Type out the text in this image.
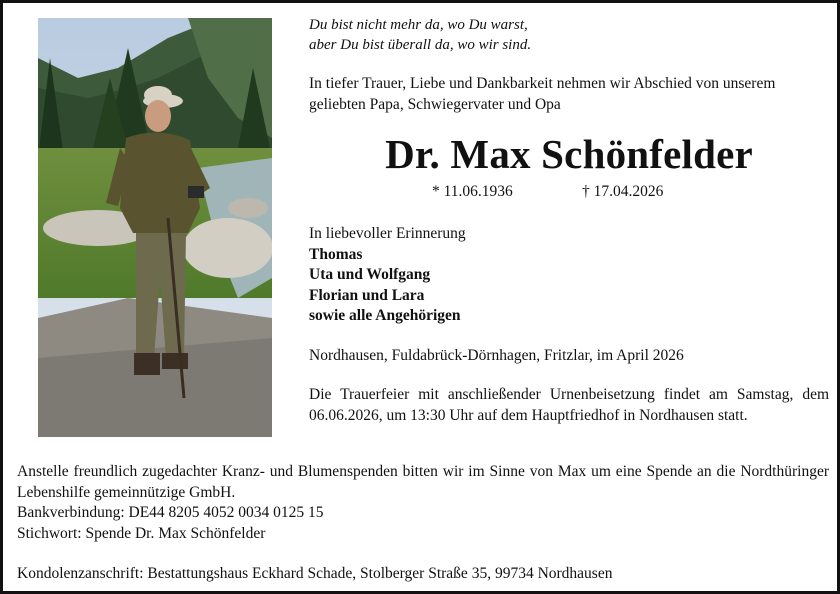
Du bist nicht mehr da, wo Du warst,
aber Du bist überall da, wo wir sind.

In tiefer Trauer, Liebe und Dankbarkeit nehmen wir Abschied von unserem
geliebten Papa, Schwiegervater und Opa

Dr. Max Schönfelder
* 11.06.1936	† 17.04.2026
In liebevoller Erinnerung
Thomas
Uta und Wolfgang
Florian und Lara
sowie alle Angehörigen

Nordhausen, Fuldabrück-Dörnhagen, Fritzlar, im April 2026

Die Trauerfeier mit anschließender Urnenbeisetzung findet am Samstag, dem 06.06.2026, um 13:30 Uhr auf dem Hauptfriedhof in Nordhausen statt.

Anstelle freundlich zugedachter Kranz- und Blumenspenden bitten wir im Sinne von Max um eine Spende an die Nordthüringer Lebenshilfe gemeinnützige GmbH.

Bankverbindung: DE44 8205 4052 0034 0125 15

Stichwort: Spende Dr. Max Schönfelder

Kondolenzanschrift: Bestattungshaus Eckhard Schade, Stolberger Straße 35, 99734 Nordhausen
